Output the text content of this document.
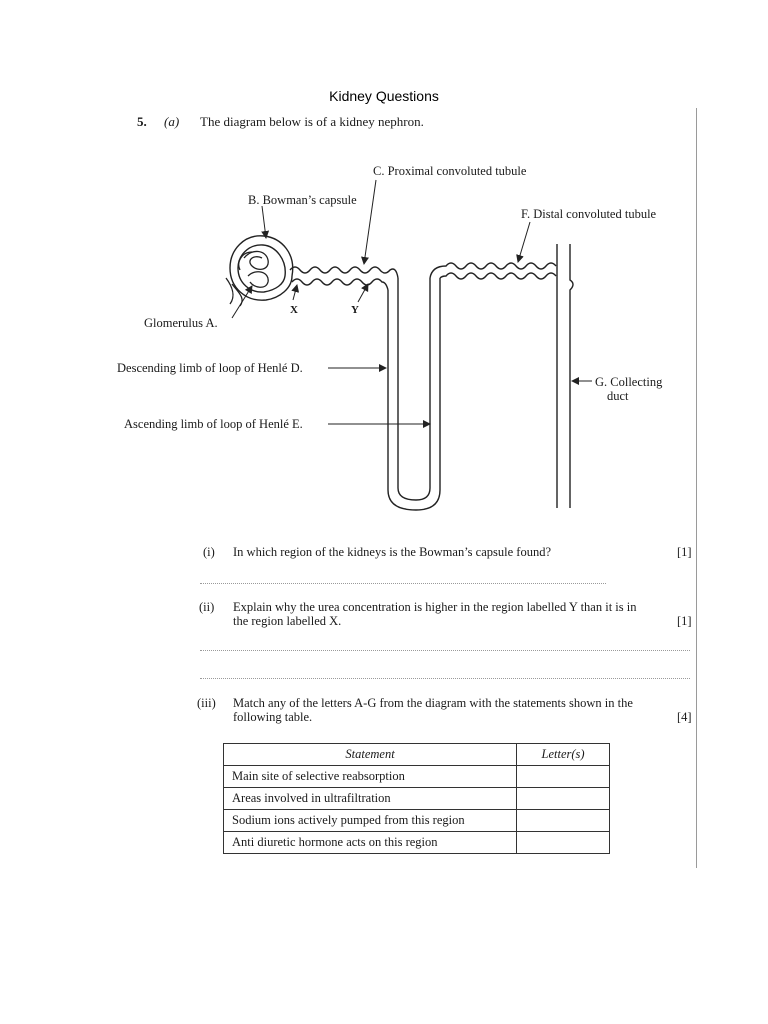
Kidney Questions
5. (a) The diagram below is of a kidney nephron.
C. Proximal convoluted tubule
B. Bowman’s capsule
F. Distal convoluted tubule
Glomerulus A.
X	Y
Descending limb of loop of Henlé D.
Ascending limb of loop of Henlé E.
G. Collecting
duct
(i) In which region of the kidneys is the Bowman’s capsule found?	[1]
(ii) Explain why the urea concentration is higher in the region labelled Y than it is in
the region labelled X.	[1]
(iii) Match any of the letters A-G from the diagram with the statements shown in the
following table.	[4]
Statement	Letter(s)
Main site of selective reabsorption	
Areas involved in ultrafiltration	
Sodium ions actively pumped from this region	
Anti diuretic hormone acts on this region	
